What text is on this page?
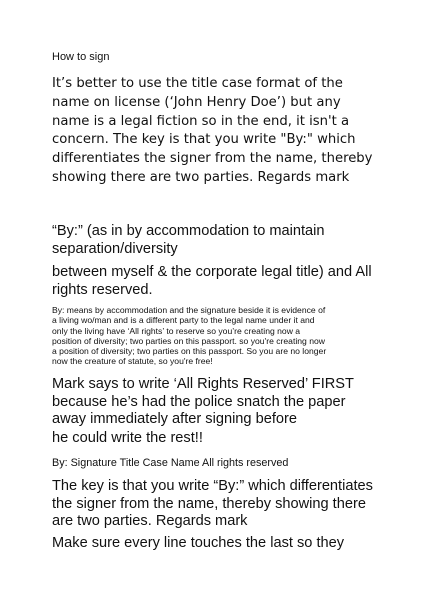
How to sign

It’s better to use the title case format of the
name on license (‘John Henry Doe’) but any
name is a legal fiction so in the end, it isn't a
concern. The key is that you write "By:" which
differentiates the signer from the name, thereby
showing there are two parties. Regards mark

“By:” (as in by accommodation to maintain
separation/diversity

between myself & the corporate legal title) and All
rights reserved.

By: means by accommodation and the signature beside it is evidence of
a living wo/man and is a different party to the legal name under it and
only the living have ‘All rights’ to reserve so you’re creating now a
position of diversity; two parties on this passport. so you're creating now
a position of diversity; two parties on this passport. So you are no longer
now the creature of statute, so you're free!

Mark says to write ‘All Rights Reserved’ FIRST
because he’s had the police snatch the paper
away immediately after signing before

he could write the rest!!

By: Signature Title Case Name All rights reserved

The key is that you write “By:” which differentiates
the signer from the name, thereby showing there
are two parties. Regards mark

Make sure every line touches the last so they
